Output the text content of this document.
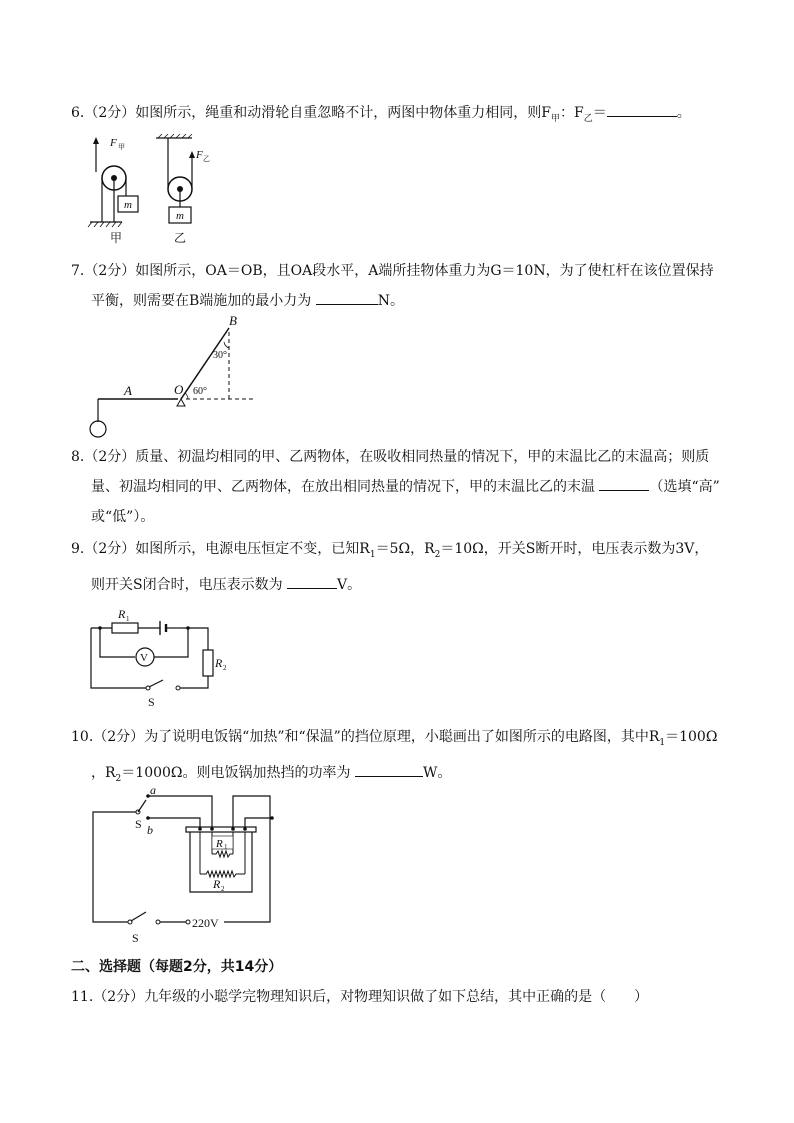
6.（2分）如图所示，绳重和动滑轮自重忽略不计，两图中物体重力相同，则$F_甲$：$F_乙=$	。
F 甲
m
甲
F 乙
m
乙
7.（2分）如图所示，OA＝OB，且OA段水平，A端所挂物体重力为G＝10N，为了使杠杆在该位置保持
平衡，则需要在B端施加的最小力为	N。
A	O
B
30°
60°
8.（2分）质量、初温均相同的甲、乙两物体，在吸收相同热量的情况下，甲的末温比乙的末温高；则质
量、初温均相同的甲、乙两物体，在放出相同热量的情况下，甲的末温比乙的末温	（选填“高”
或“低”）。
9.（2分）如图所示，电源电压恒定不变，已知$R_1=5\Omega$，$R_2=10\Omega$，开关S断开时，电压表示数为3V，
则开关S闭合时，电压表示数为	V。
S
R 1
V	R 2
10.（2分）为了说明电饭锅“加热”和“保温”的挡位原理，小聪画出了如图所示的电路图，其中$R_1=100\Omega$
，$R_2=1000\Omega$。则电饭锅加热挡的功率为	W。
a
S b
R 2
R 1
220V
S
二、选择题（每题2分，共14分）
11.（2分）九年级的小聪学完物理知识后，对物理知识做了如下总结，其中正确的是（　　）
